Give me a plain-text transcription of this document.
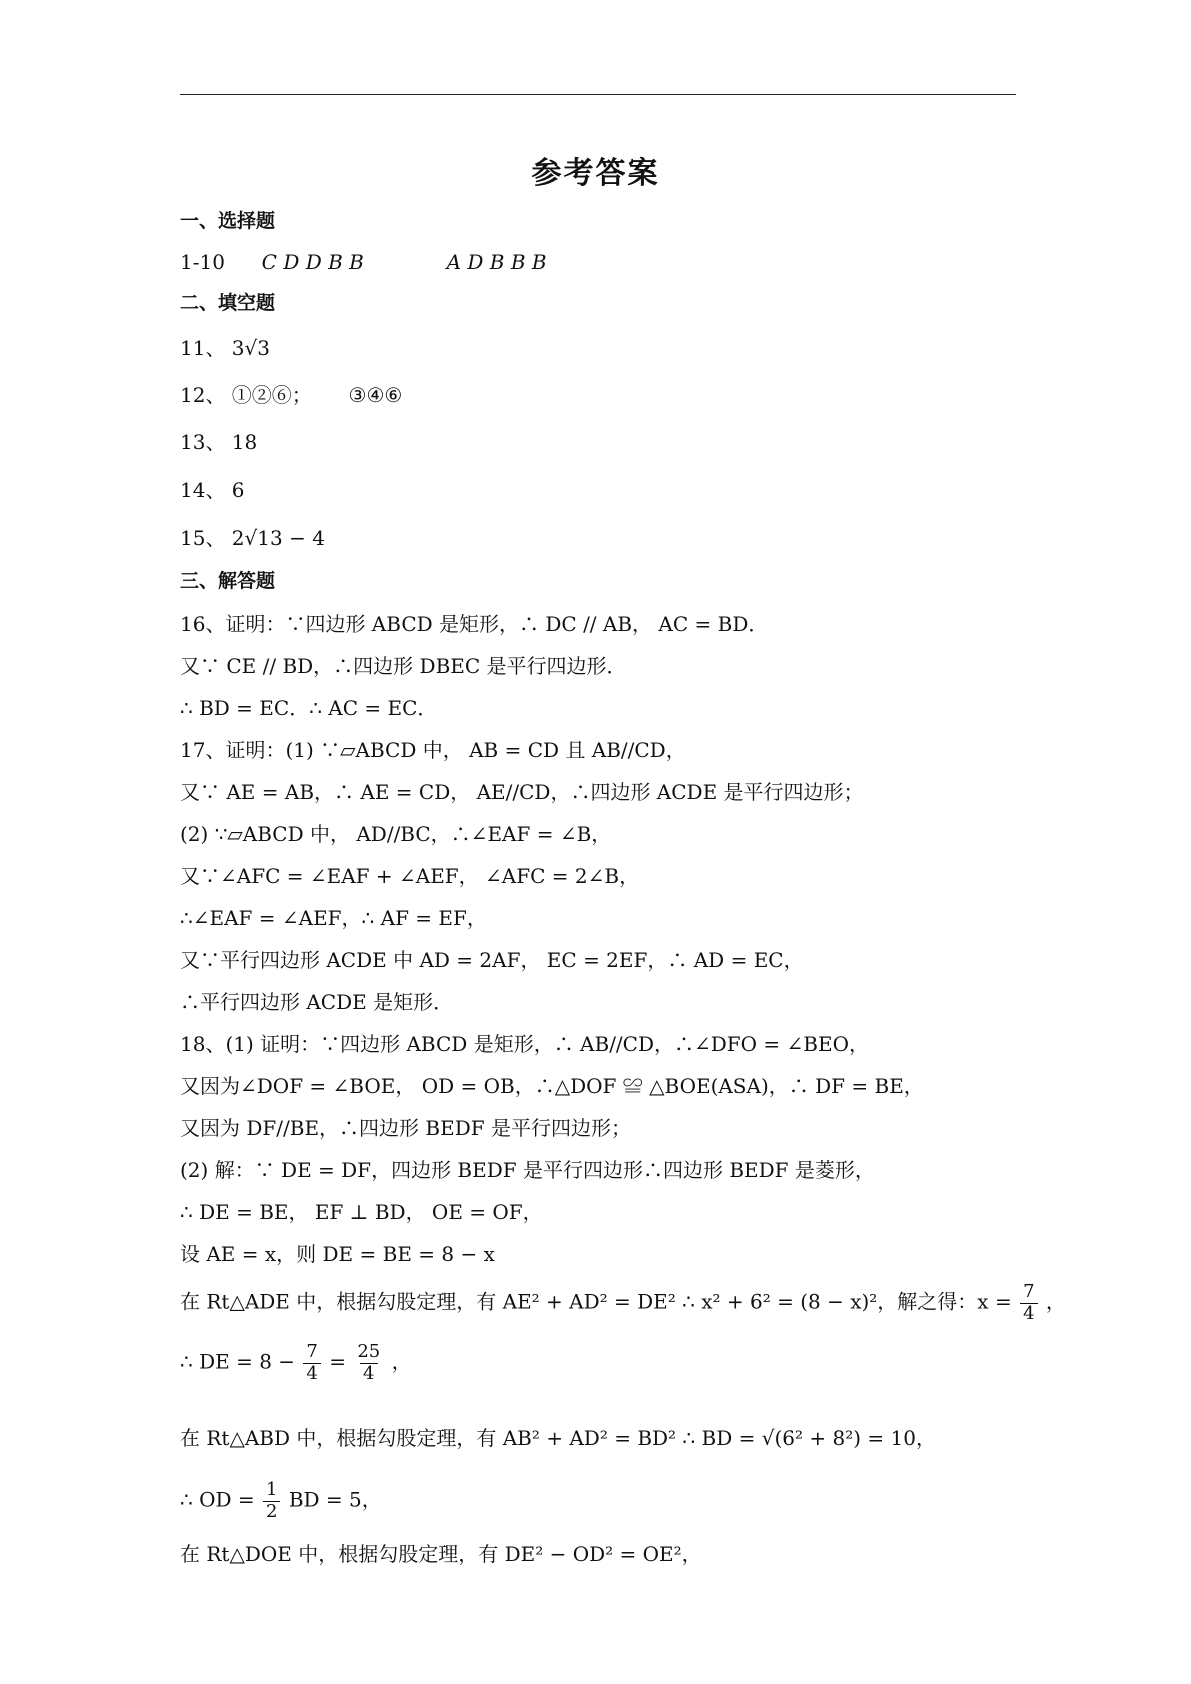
参考答案
一、选择题
1-10 C D D B B	A D B B B
二、填空题
11、 3√3
12、 ①②⑥； ③④⑥
13、 18
14、 6
15、 2√13 − 4
三、解答题
16、证明：∵四边形 ABCD 是矩形，∴ DC // AB， AC = BD．
又∵ CE // BD，∴四边形 DBEC 是平行四边形．
∴ BD = EC．∴ AC = EC．
17、证明：(1) ∵▱ABCD 中， AB = CD 且 AB//CD，
又∵ AE = AB，∴ AE = CD， AE//CD，∴四边形 ACDE 是平行四边形；
(2) ∵▱ABCD 中， AD//BC，∴∠EAF = ∠B，
又∵∠AFC = ∠EAF + ∠AEF， ∠AFC = 2∠B，
∴∠EAF = ∠AEF，∴ AF = EF，
又∵平行四边形 ACDE 中 AD = 2AF， EC = 2EF，∴ AD = EC，
∴平行四边形 ACDE 是矩形．
18、(1) 证明：∵四边形 ABCD 是矩形，∴ AB//CD，∴∠DFO = ∠BEO，
又因为∠DOF = ∠BOE， OD = OB，∴△DOF ≌ △BOE(ASA)，∴ DF = BE，
又因为 DF//BE，∴四边形 BEDF 是平行四边形；
(2) 解：∵ DE = DF，四边形 BEDF 是平行四边形∴四边形 BEDF 是菱形，
∴ DE = BE， EF ⊥ BD， OE = OF，
设 AE = x，则 DE = BE = 8 − x
在 Rt△ADE 中，根据勾股定理，有 AE² + AD² = DE² ∴ x² + 6² = (8 − x)²，解之得：$x = \frac{7}{4}$ ，
∴ DE = $8 - \frac{7}{4} = \frac{25}{4}$ ，
在 Rt△ABD 中，根据勾股定理，有 AB² + AD² = BD² ∴ BD = √(6² + 8²) = 10，
∴ OD = $\frac{1}{2}$ BD = 5，
在 Rt△DOE 中，根据勾股定理，有 DE² − OD² = OE²，
